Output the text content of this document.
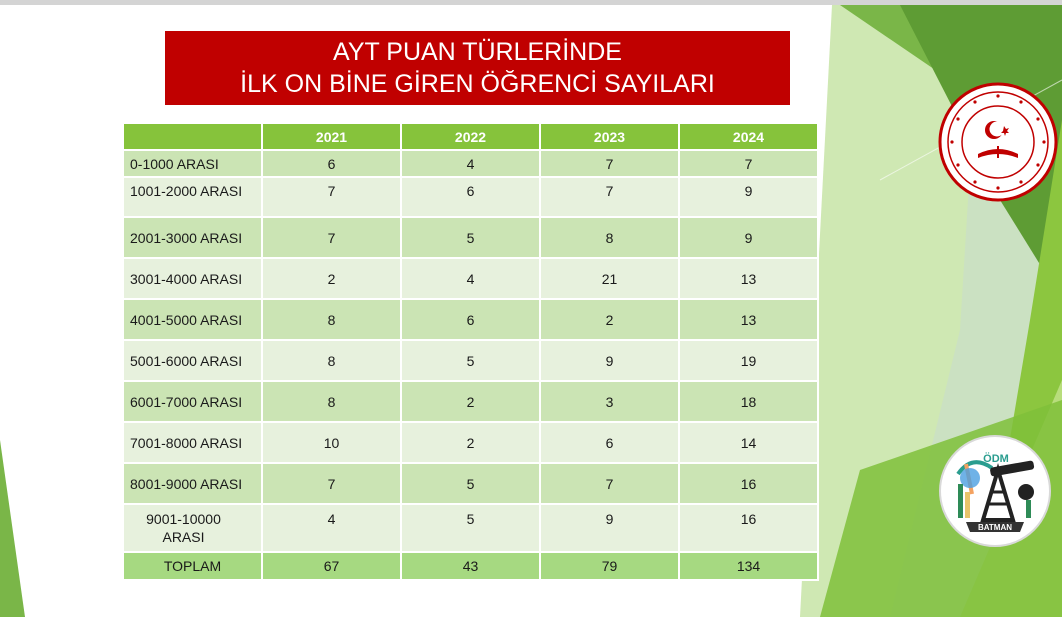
AYT PUAN TÜRLERİNDE
İLK ON BİNE GİREN ÖĞRENCİ SAYILARI
	2021	2022	2023	2024
0-1000 ARASI	6	4	7	7
1001-2000 ARASI	7	6	7	9
2001-3000 ARASI	7	5	8	9
3001-4000 ARASI	2	4	21	13
4001-5000 ARASI	8	6	2	13
5001-6000 ARASI	8	5	9	19
6001-7000 ARASI	8	2	3	18
7001-8000 ARASI	10	2	6	14
8001-9000 ARASI	7	5	7	16
9001-10000 ARASI	4	5	9	16
TOPLAM	67	43	79	134
ÖDM
BATMAN
